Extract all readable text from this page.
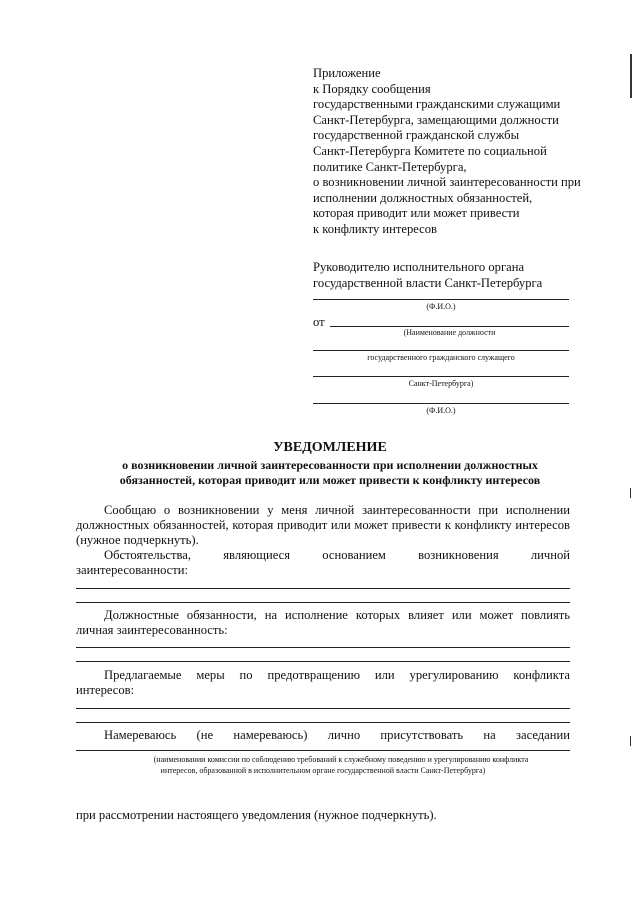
Приложение
к Порядку сообщения
государственными гражданскими служащими
Санкт-Петербурга, замещающими должности
государственной гражданской службы
Санкт-Петербурга Комитете по социальной
политике Санкт-Петербурга,
о возникновении личной заинтересованности при
исполнении должностных обязанностей,
которая приводит или может привести
к конфликту интересов
Руководителю исполнительного органа
государственной власти Санкт-Петербурга
(Ф.И.О.)
от
(Наименование должности
государственного гражданского служащего
Санкт-Петербурга)
(Ф.И.О.)
УВЕДОМЛЕНИЕ
о возникновении личной заинтересованности при исполнении должностных
обязанностей, которая приводит или может привести к конфликту интересов
Сообщаю о возникновении у меня личной заинтересованности при исполнении
должностных обязанностей, которая приводит или может привести к конфликту интересов
(нужное подчеркнуть).
Обстоятельства, являющиеся основанием возникновения личной
заинтересованности:
Должностные обязанности, на исполнение которых влияет или может повлиять
личная заинтересованность:
Предлагаемые меры по предотвращению или урегулированию конфликта
интересов:
Намереваюсь (не намереваюсь) лично присутствовать на заседании
(наименовании комиссии по соблюдению требований к служебному поведению и урегулированию конфликта
интересов, образованной в исполнительном органе государственной власти Санкт-Петербурга)
при рассмотрении настоящего уведомления (нужное подчеркнуть).
